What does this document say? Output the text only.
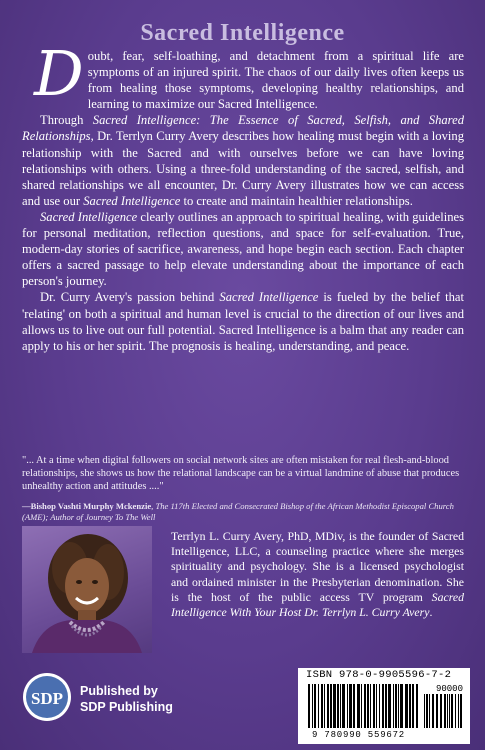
Sacred Intelligence

Doubt, fear, self-loathing, and detachment from a spiritual life are symptoms of an injured spirit. The chaos of our daily lives often keeps us from healing those symptoms, developing healthy relationships, and learning to maximize our Sacred Intelligence.

Through Sacred Intelligence: The Essence of Sacred, Selfish, and Shared Relationships, Dr. Terrlyn Curry Avery describes how healing must begin with a loving relationship with the Sacred and with ourselves before we can have loving relationships with others. Using a three-fold understanding of the sacred, selfish, and shared relationships we all encounter, Dr. Curry Avery illustrates how we can access and use our Sacred Intelligence to create and maintain healthier relationships.

Sacred Intelligence clearly outlines an approach to spiritual healing, with guidelines for personal meditation, reflection questions, and space for self-evaluation. True, modern-day stories of sacrifice, awareness, and hope begin each section. Each chapter offers a sacred passage to help elevate understanding about the importance of each person's journey.

Dr. Curry Avery's passion behind Sacred Intelligence is fueled by the belief that 'relating' on both a spiritual and human level is crucial to the direction of our lives and allows us to live out our full potential. Sacred Intelligence is a balm that any reader can apply to his or her spirit. The prognosis is healing, understanding, and peace.

"... At a time when digital followers on social network sites are often mistaken for real flesh-and-blood relationships, she shows us how the relational landscape can be a virtual landmine of abuse that produces unhealthy action and attitudes ...."
—Bishop Vashti Murphy Mckenzie, The 117th Elected and Consecrated Bishop of the African Methodist Episcopal Church (AME); Author of Journey To The Well
Terrlyn L. Curry Avery, PhD, MDiv, is the founder of Sacred Intelligence, LLC, a counseling practice where she merges spirituality and psychology. She is a licensed psychologist and ordained minister in the Presbyterian denomination. She is the host of the public access TV program Sacred Intelligence With Your Host Dr. Terrlyn L. Curry Avery.
SDP Published by
SDP Publishing
ISBN 978-0-9905596-7-2
90000
9 780990 559672
